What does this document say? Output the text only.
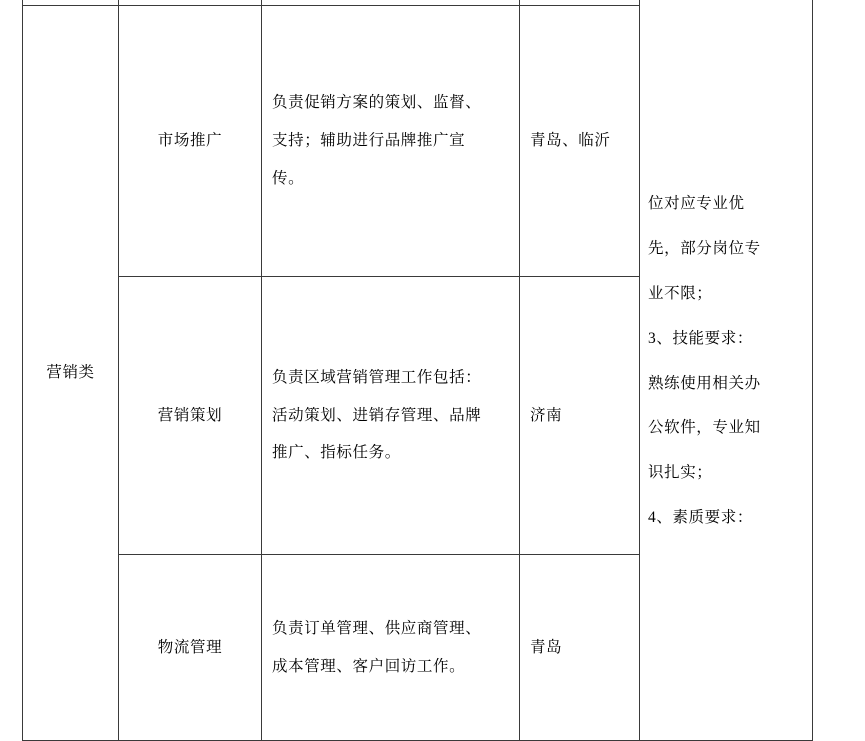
位对应专业优
先，部分岗位专
业不限；
3、技能要求：
熟练使用相关办
公软件，专业知
识扎实；
4、素质要求：

营销类	市场推广	负责促销方案的策划、监督、
支持；辅助进行品牌推广宣
传。	青岛、临沂	

	营销策划	负责区域营销管理工作包括：
活动策划、进销存管理、品牌
推广、指标任务。	济南	

	物流管理	负责订单管理、供应商管理、
成本管理、客户回访工作。	青岛	
